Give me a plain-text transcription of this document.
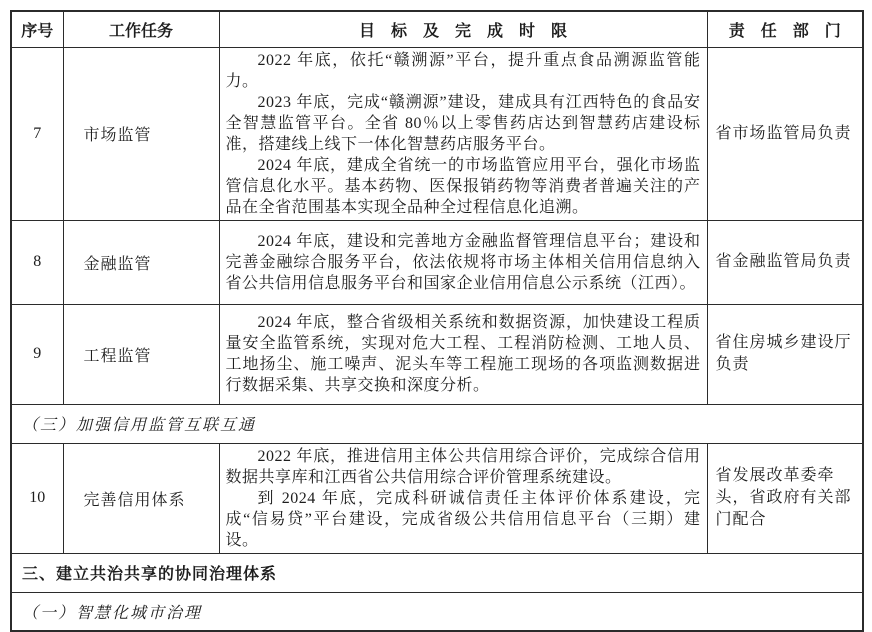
序号	工作任务	目　标　及　完　成　时　限	责　任　部　门
7	市场监管	2022 年底，依托“赣溯源”平台，提升重点食品溯源监管能力。

2023 年底，完成“赣溯源”建设，建成具有江西特色的食品安全智慧监管平台。全省 80％以上零售药店达到智慧药店建设标准，搭建线上线下一体化智慧药店服务平台。

2024 年底，建成全省统一的市场监管应用平台，强化市场监管信息化水平。基本药物、医保报销药物等消费者普遍关注的产品在全省范围基本实现全品种全过程信息化追溯。	省市场监管局负责
8	金融监管	2024 年底，建设和完善地方金融监督管理信息平台；建设和完善金融综合服务平台，依法依规将市场主体相关信用信息纳入省公共信用信息服务平台和国家企业信用信息公示系统（江西）。	省金融监管局负责
9	工程监管	2024 年底，整合省级相关系统和数据资源，加快建设工程质量安全监管系统，实现对危大工程、工程消防检测、工地人员、工地扬尘、施工噪声、泥头车等工程施工现场的各项监测数据进行数据采集、共享交换和深度分析。	省住房城乡建设厅负责
（三）加强信用监管互联互通			
10	完善信用体系	2022 年底，推进信用主体公共信用综合评价，完成综合信用数据共享库和江西省公共信用综合评价管理系统建设。

到 2024 年底，完成科研诚信责任主体评价体系建设，完成“信易贷”平台建设，完成省级公共信用信息平台（三期）建设。	省发展改革委牵头，省政府有关部门配合
三、建立共治共享的协同治理体系			
（一）智慧化城市治理			
